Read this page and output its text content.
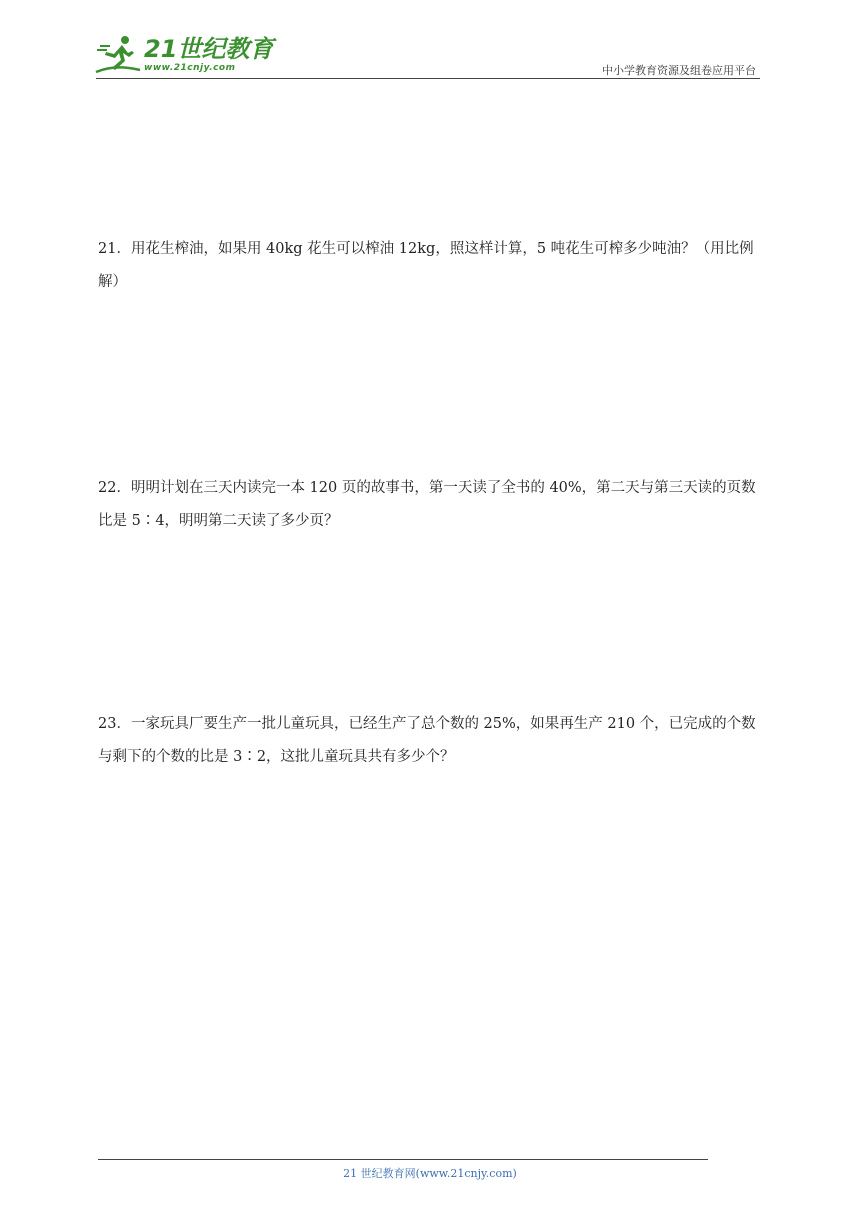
21世纪教育
www.21cnjy.com	中小学教育资源及组卷应用平台
21．用花生榨油，如果用 40kg 花生可以榨油 12kg，照这样计算，5 吨花生可榨多少吨油？（用比例
解）
22．明明计划在三天内读完一本 120 页的故事书，第一天读了全书的 40%，第二天与第三天读的页数
比是 5∶4，明明第二天读了多少页？
23．一家玩具厂要生产一批儿童玩具，已经生产了总个数的 25%，如果再生产 210 个，已完成的个数
与剩下的个数的比是 3∶2，这批儿童玩具共有多少个？
21 世纪教育网(www.21cnjy.com)
